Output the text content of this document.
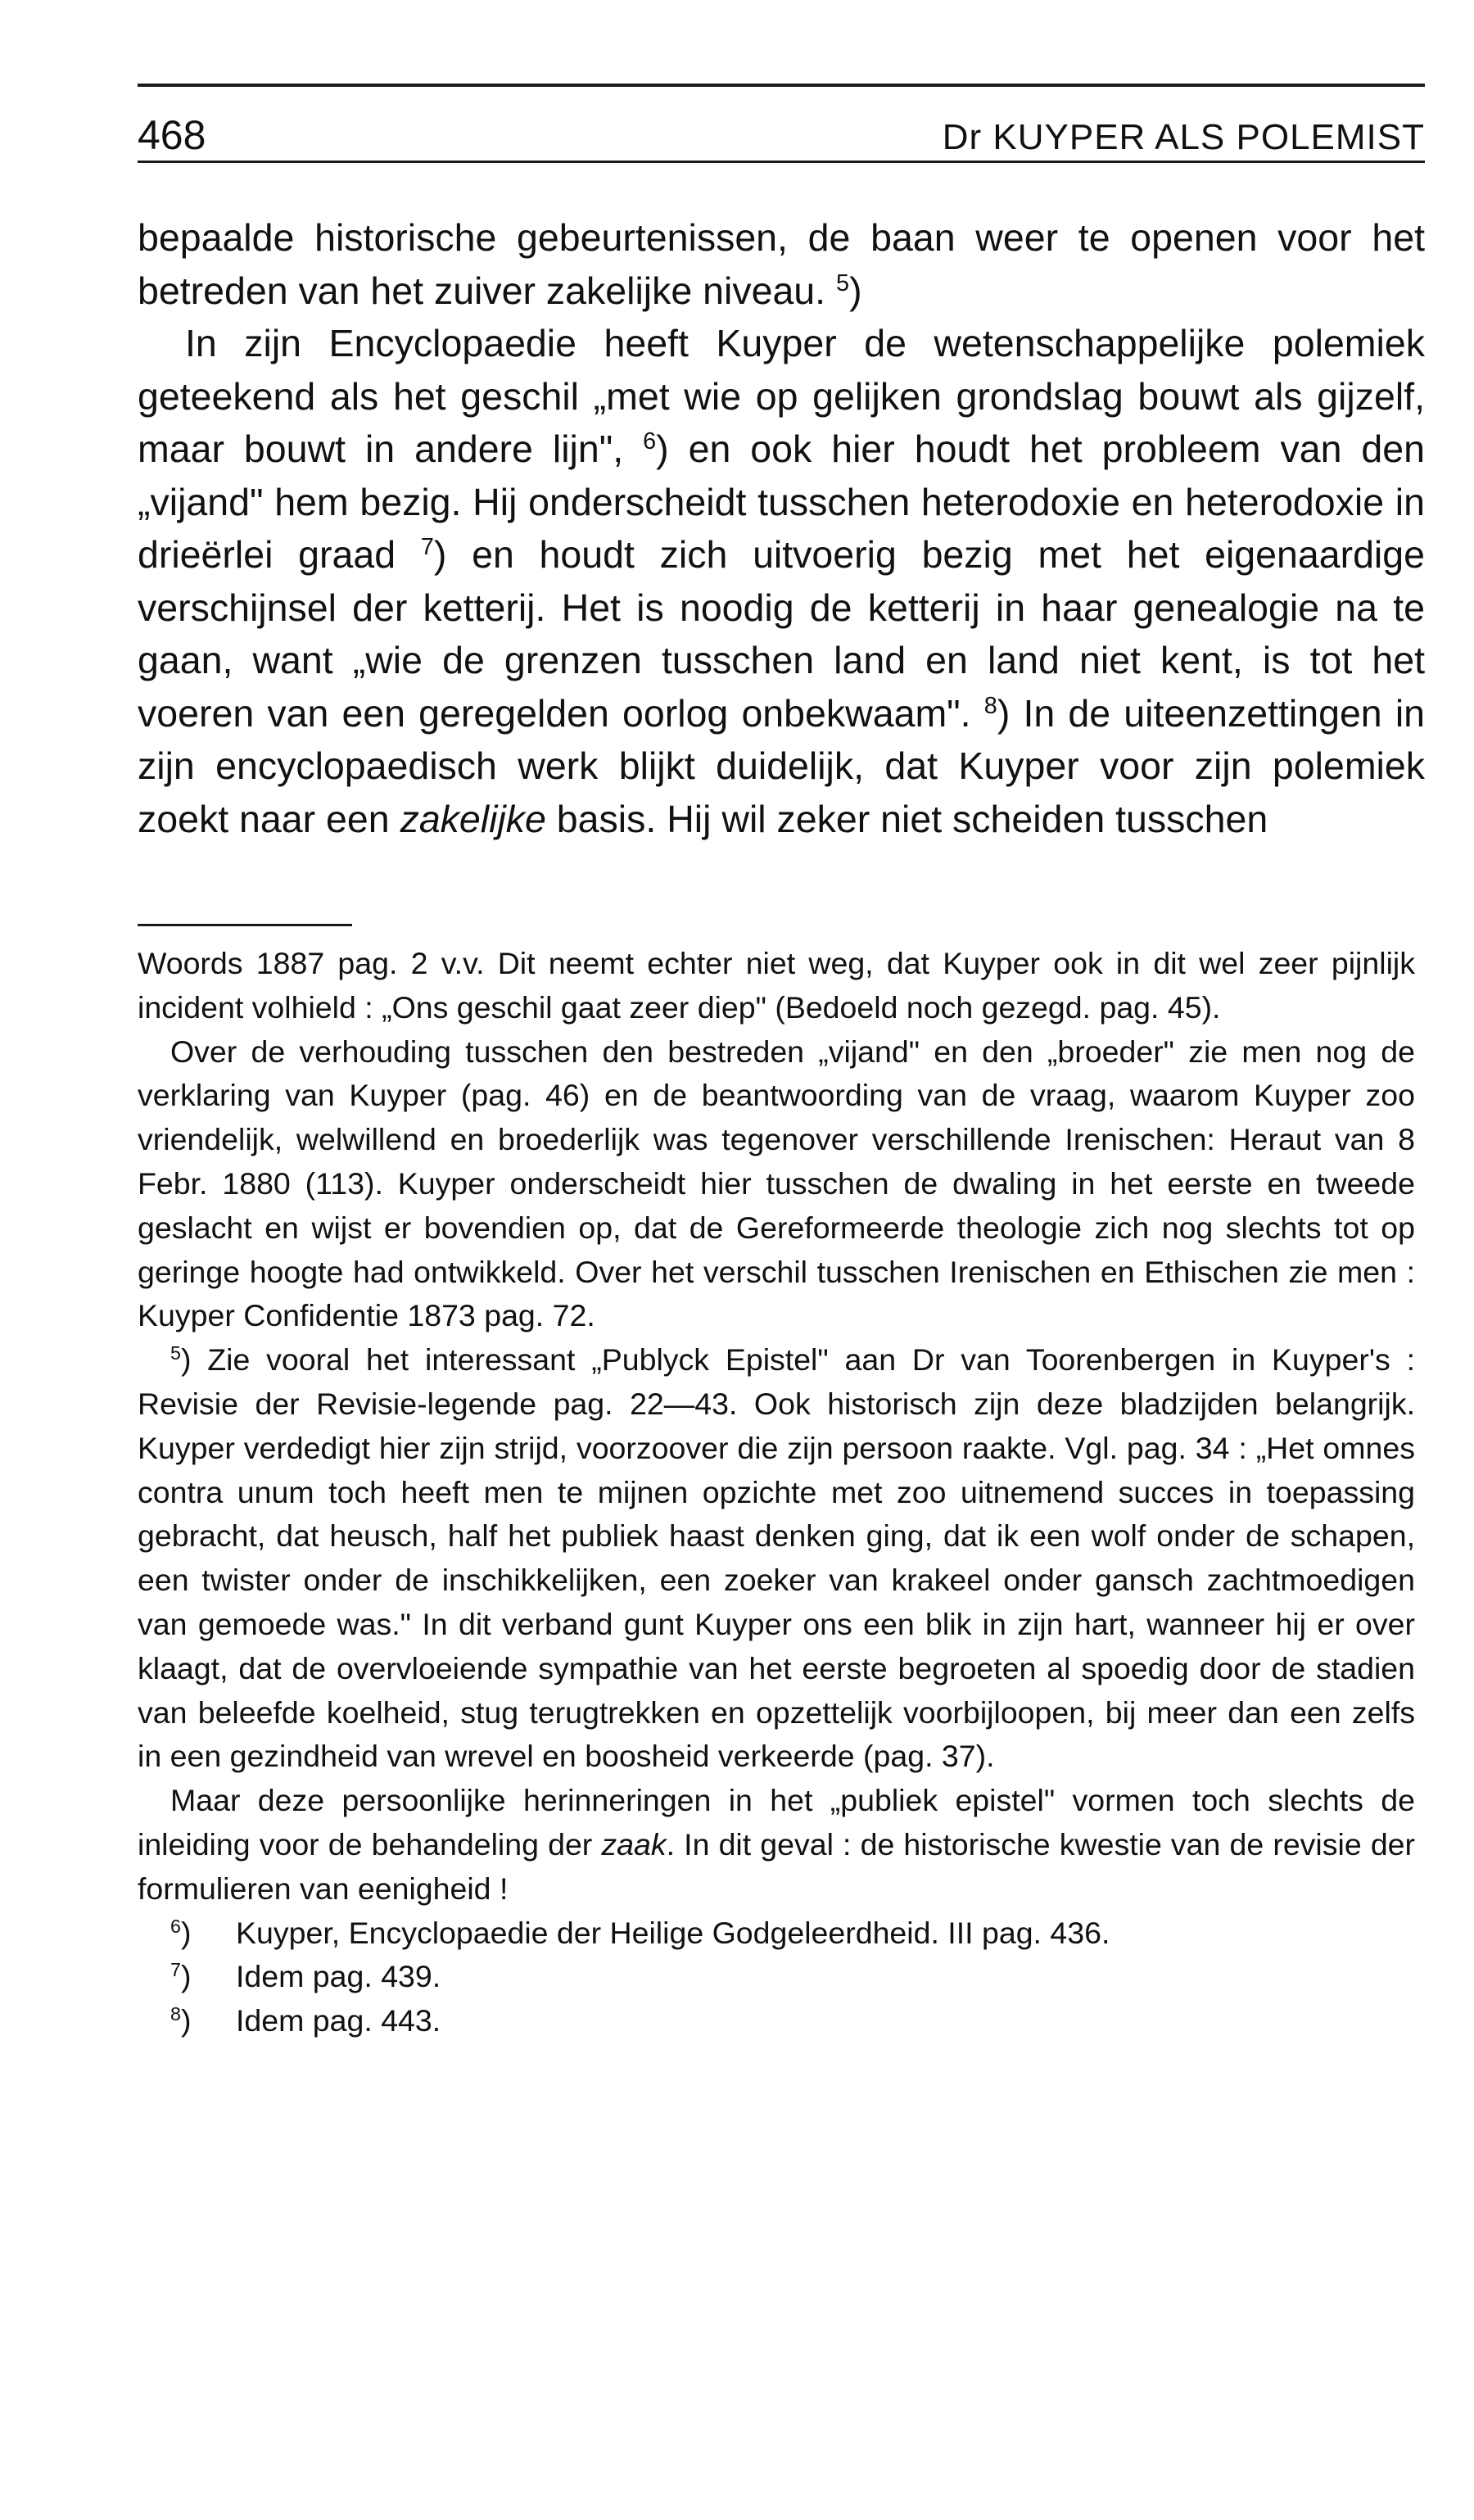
468	Dr KUYPER ALS POLEMIST

bepaalde historische gebeurtenissen, de baan weer te openen voor het betreden van het zuiver zakelijke niveau. $^5$)

In zijn Encyclopaedie heeft Kuyper de wetenschappelijke polemiek geteekend als het geschil „met wie op gelijken grondslag bouwt als gijzelf, maar bouwt in andere lijn", $^6$) en ook hier houdt het probleem van den „vijand" hem bezig. Hij onderscheidt tusschen heterodoxie en heterodoxie in drieërlei graad $^7$) en houdt zich uitvoerig bezig met het eigenaardige verschijnsel der ketterij. Het is noodig de ketterij in haar genealogie na te gaan, want „wie de grenzen tusschen land en land niet kent, is tot het voeren van een geregelden oorlog onbekwaam". $^8$) In de uiteenzettingen in zijn encyclopaedisch werk blijkt duidelijk, dat Kuyper voor zijn polemiek zoekt naar een zakelijke basis. Hij wil zeker niet scheiden tusschen

Woords 1887 pag. 2 v.v. Dit neemt echter niet weg, dat Kuyper ook in dit wel zeer pijnlijk incident volhield : „Ons geschil gaat zeer diep" (Bedoeld noch gezegd. pag. 45).

Over de verhouding tusschen den bestreden „vijand" en den „broeder" zie men nog de verklaring van Kuyper (pag. 46) en de beantwoording van de vraag, waarom Kuyper zoo vriendelijk, welwillend en broederlijk was tegenover verschillende Irenischen: Heraut van 8 Febr. 1880 (113). Kuyper onderscheidt hier tusschen de dwaling in het eerste en tweede geslacht en wijst er bovendien op, dat de Gereformeerde theologie zich nog slechts tot op geringe hoogte had ontwikkeld. Over het verschil tusschen Irenischen en Ethischen zie men : Kuyper Confidentie 1873 pag. 72.

$^5$) Zie vooral het interessant „Publyck Epistel" aan Dr van Toorenbergen in Kuyper's : Revisie der Revisie-legende pag. 22—43. Ook historisch zijn deze bladzijden belangrijk. Kuyper verdedigt hier zijn strijd, voorzoover die zijn persoon raakte. Vgl. pag. 34 : „Het omnes contra unum toch heeft men te mijnen opzichte met zoo uitnemend succes in toepassing gebracht, dat heusch, half het publiek haast denken ging, dat ik een wolf onder de schapen, een twister onder de inschikkelijken, een zoeker van krakeel onder gansch zachtmoedigen van gemoede was." In dit verband gunt Kuyper ons een blik in zijn hart, wanneer hij er over klaagt, dat de overvloeiende sympathie van het eerste begroeten al spoedig door de stadien van beleefde koelheid, stug terugtrekken en opzettelijk voorbijloopen, bij meer dan een zelfs in een gezindheid van wrevel en boosheid verkeerde (pag. 37).

Maar deze persoonlijke herinneringen in het „publiek epistel" vormen toch slechts de inleiding voor de behandeling der zaak. In dit geval : de historische kwestie van de revisie der formulieren van eenigheid !

$^6$) Kuyper, Encyclopaedie der Heilige Godgeleerdheid. III pag. 436.

$^7$) Idem pag. 439.

$^8$) Idem pag. 443.
